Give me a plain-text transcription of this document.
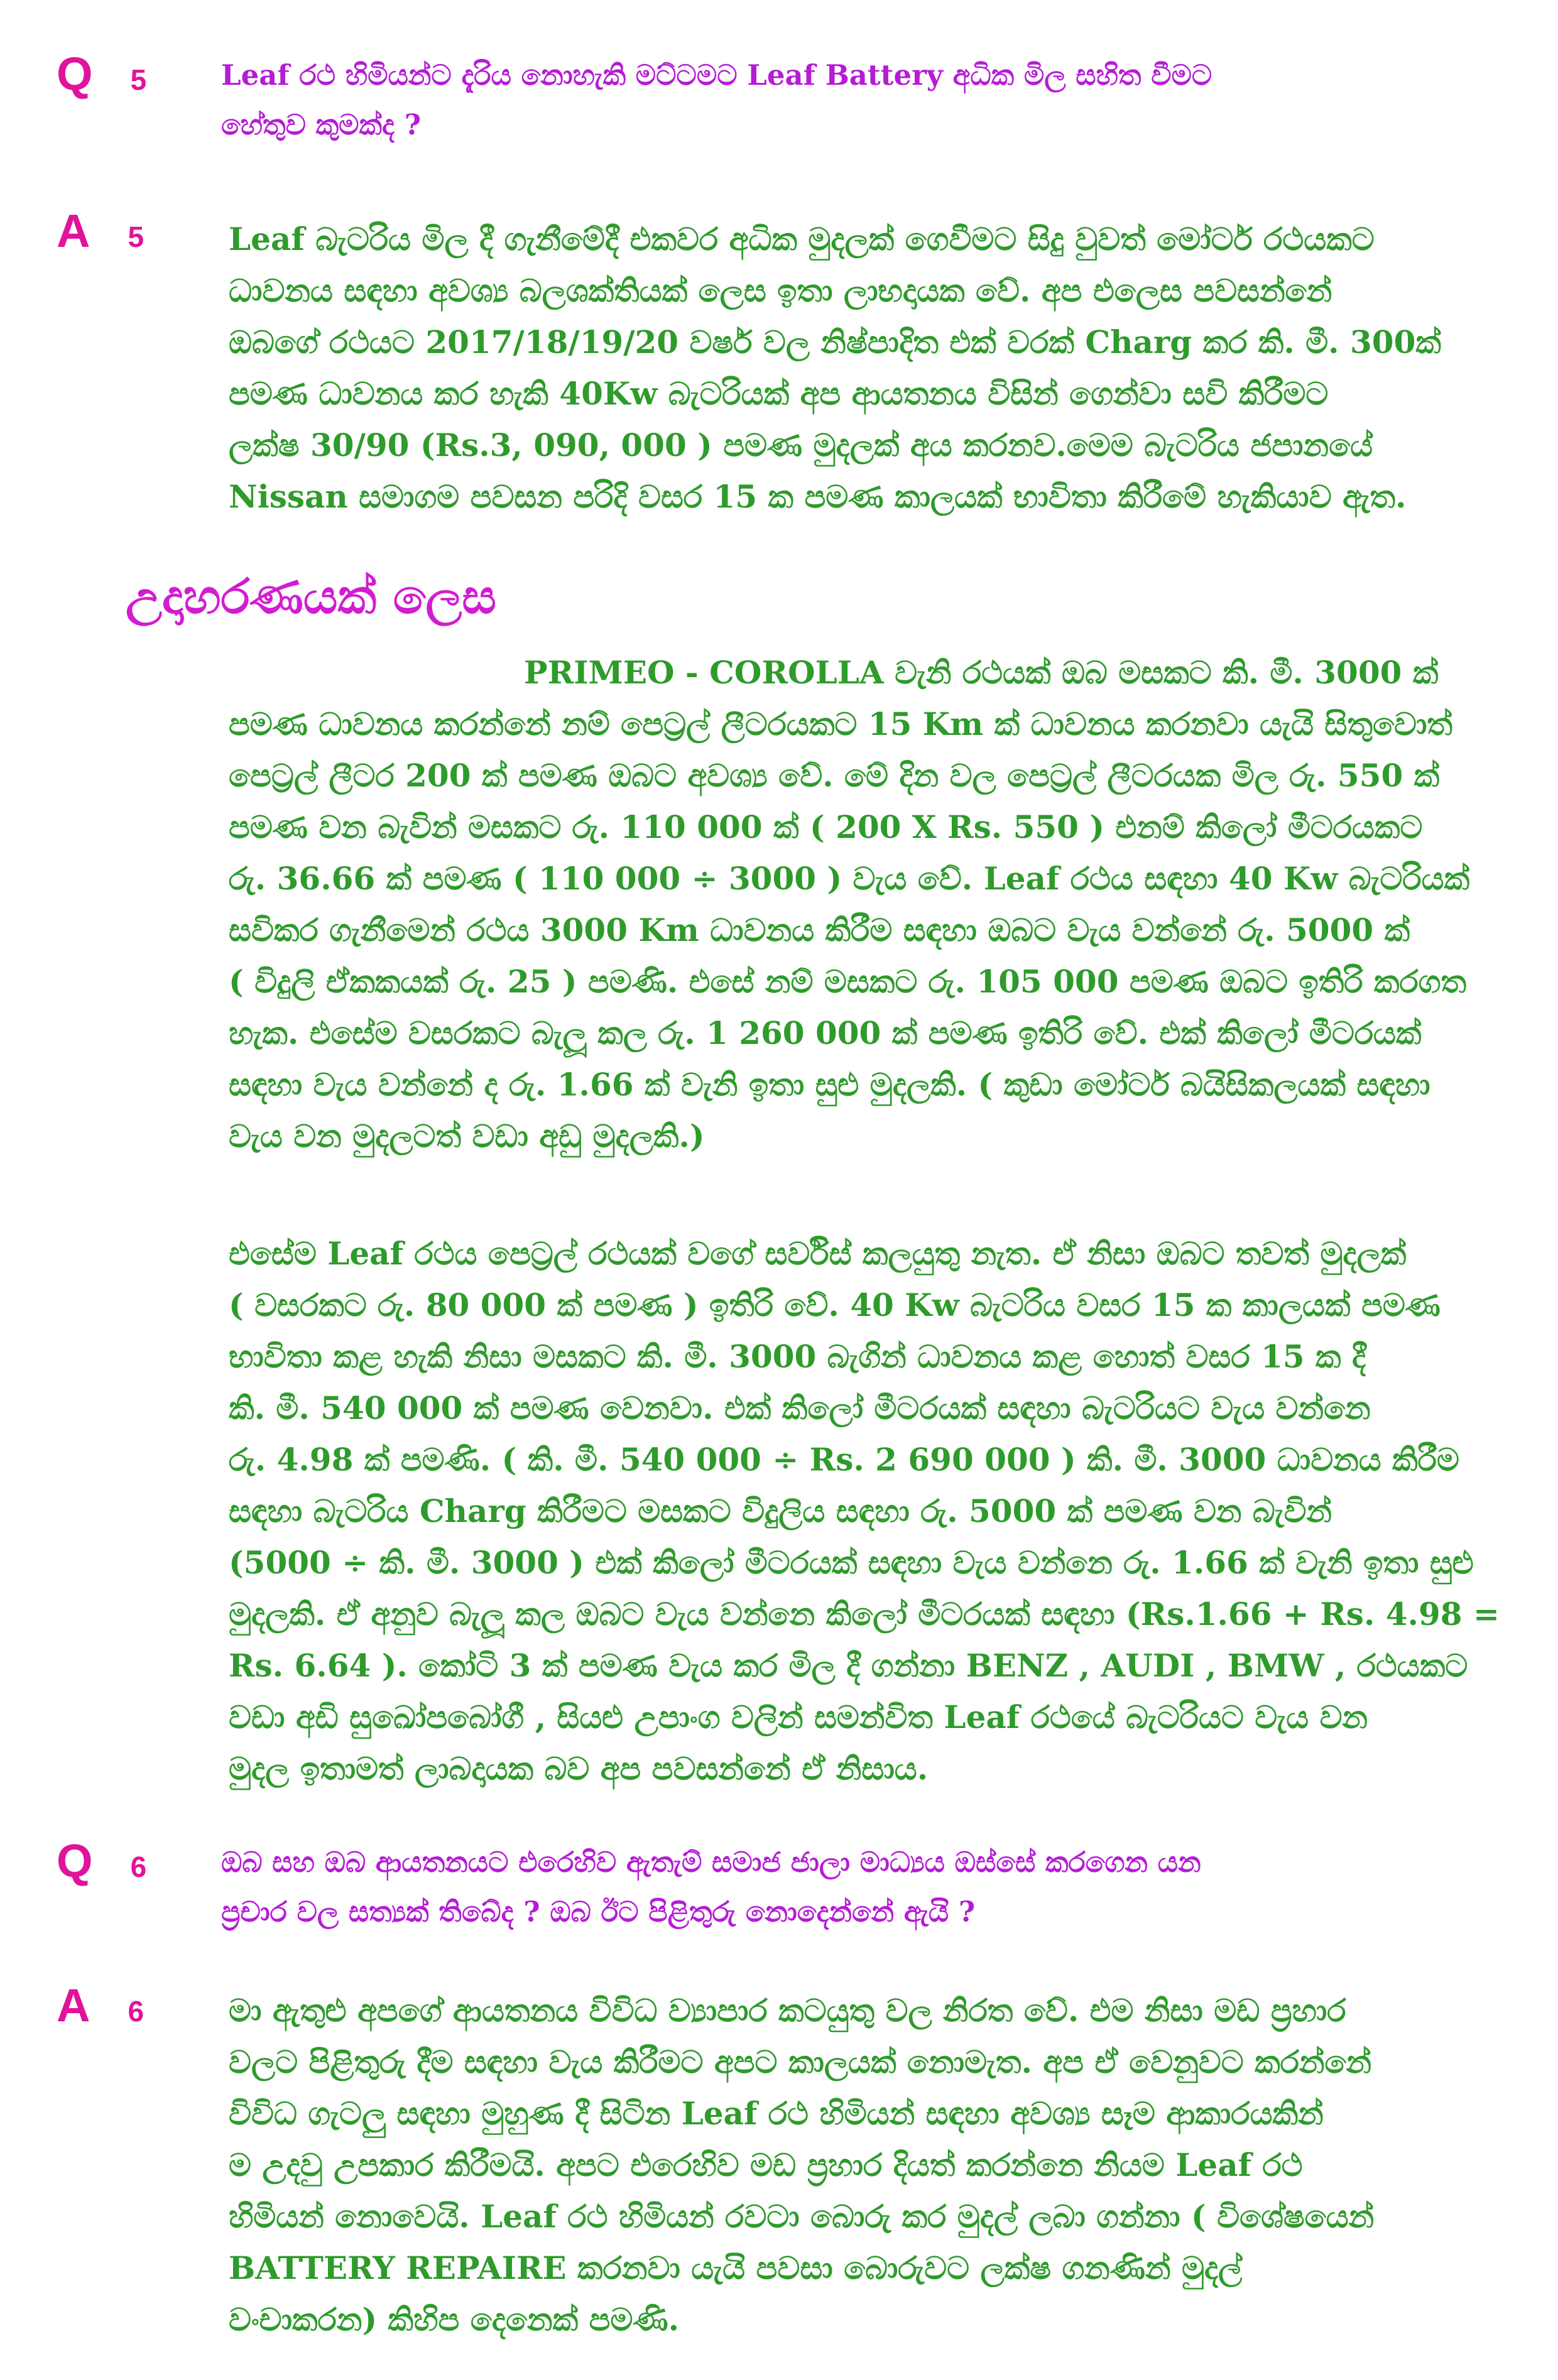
Q 5	Leaf රථ හිමියන්ට දැරිය නොහැකි මට්ටමට Leaf Battery අධික මිල සහිත වීමට

හේතුව කුමක්ද ?

A 5	Leaf බැටරිය මිල දී ගැනීමේදී එකවර අධික මුදලක් ගෙවීමට සිදු වුවත් මෝටර් රථයකට

ධාවනය සඳහා අවශ්‍ය බලශක්තියක් ලෙස ඉතා ලාභදායක වේ. අප එලෙස පවසන්නේ

ඔබගේ රථයට 2017/18/19/20 වර්ෂ වල නිෂ්පාදිත එක් වරක් Charg කර කි. මී. 300ක්

පමණ ධාවනය කර හැකි 40Kw බැටරියක් අප ආයතනය විසින් ගෙන්වා සවි කිරීමට

ලක්ෂ 30/90 (Rs.3, 090, 000 ) පමණ මුදලක් අය කරනව.මෙම බැටරිය ජපානයේ

Nissan සමාගම පවසන පරිදි වසර 15 ක පමණ කාලයක් භාවිතා කිරීමේ හැකියාව ඇත.

උදාහරණයක් ලෙස

PRIMEO - COROLLA වැනි රථයක් ඔබ මසකට කි. මී. 3000 ක්

පමණ ධාවනය කරන්නේ නම් පෙට්‍රල් ලීටරයකට 15 Km ක් ධාවනය කරනවා යැයි සිතුවොත්

පෙට්‍රල් ලීටර 200 ක් පමණ ඔබට අවශ්‍ය වේ. මේ දින වල පෙට්‍රල් ලීටරයක මිල රු. 550 ක්

පමණ වන බැවින් මසකට රු. 110 000 ක් ( 200 X Rs. 550 ) එනම් කිලෝ මීටරයකට

රු. 36.66 ක් පමණ ( 110 000 ÷ 3000 ) වැය වේ. Leaf රථය සඳහා 40 Kw බැටරියක්

සවිකර ගැනීමෙන් රථය 3000 Km ධාවනය කිරීම සඳහා ඔබට වැය වන්නේ රු. 5000 ක්

( විදුලි ඒකකයක් රු. 25 ) පමණි. එසේ නම් මසකට රු. 105 000 පමණ ඔබට ඉතිරි කරගත

හැක. එසේම වසරකට බැලූ කල රු. 1 260 000 ක් පමණ ඉතිරි වේ. එක් කිලෝ මීටරයක්

සඳහා වැය වන්නේ ද රු. 1.66 ක් වැනි ඉතා සුළු මුදලකි. ( කුඩා මෝටර් බයිසිකලයක් සඳහා

වැය වන මුදලටත් වඩා අඩු මුදලකි.)

එසේම Leaf රථය පෙට්‍රල් රථයක් වගේ සර්විස් කලයුතු නැත. ඒ නිසා ඔබට තවත් මුදලක්

( වසරකට රු. 80 000 ක් පමණ ) ඉතිරි වේ. 40 Kw බැටරිය වසර 15 ක කාලයක් පමණ

භාවිතා කළ හැකි නිසා මසකට කි. මී. 3000 බැගින් ධාවනය කළ හොත් වසර 15 ක දී

කි. මී. 540 000 ක් පමණ වෙනවා. එක් කිලෝ මීටරයක් සඳහා බැටරියට වැය වන්නෙ

රු. 4.98 ක් පමණි. ( කි. මී. 540 000 ÷ Rs. 2 690 000 ) කි. මී. 3000 ධාවනය කිරීම

සඳහා බැටරිය Charg කිරීමට මසකට විදුලිය සඳහා රු. 5000 ක් පමණ වන බැවින්

(5000 ÷ කි. මී. 3000 ) එක් කිලෝ මීටරයක් සඳහා වැය වන්නෙ රු. 1.66 ක් වැනි ඉතා සුළු

මුදලකි. ඒ අනුව බැලූ කල ඔබට වැය වන්නෙ කිලෝ මීටරයක් සඳහා (Rs.1.66 + Rs. 4.98 =

Rs. 6.64 ). කෝටි 3 ක් පමණ වැය කර මිල දී ගන්නා BENZ , AUDI , BMW , රථයකට

වඩා අඩි සුඛෝපබෝගී , සියළු උපාංග වලින් සමන්විත Leaf රථයේ බැටරියට වැය වන

මුදල ඉතාමත් ලාබදායක බව අප පවසන්නේ ඒ නිසාය.

Q 6	ඔබ සහ ඔබ ආයතනයට එරෙහිව ඇතැම් සමාජ ජාලා මාධ්‍යය ඔස්සේ කරගෙන යන

ප්‍රචාර වල සත්‍යක් තිබේද ? ඔබ ඊට පිළිතුරු නොදෙන්නේ ඇයි ?

A 6	මා ඇතුළු අපගේ ආයතනය විවිධ ව්‍යාපාර කටයුතු වල නිරත වේ. එම නිසා මඩ ප්‍රහාර

වලට පිළිතුරු දීම සඳහා වැය කිරීමට අපට කාලයක් නොමැත. අප ඒ වෙනුවට කරන්නේ

විවිධ ගැටලු සඳහා මුහුණ දී සිටින Leaf රථ හිමියන් සඳහා අවශ්‍ය සෑම ආකාරයකින්

ම උදවු උපකාර කිරීමයි. අපට එරෙහිව මඩ ප්‍රහාර දියත් කරන්නෙ නියම Leaf රථ

හිමියන් නොවෙයි. Leaf රථ හිමියන් රවටා බොරු කර මුදල් ලබා ගන්නා ( විශේෂයෙන්

BATTERY REPAIRE කරනවා යැයි පවසා බොරුවට ලක්ෂ ගනණින් මුදල්

වංචාකරන) කිහිප දෙනෙක් පමණි.
